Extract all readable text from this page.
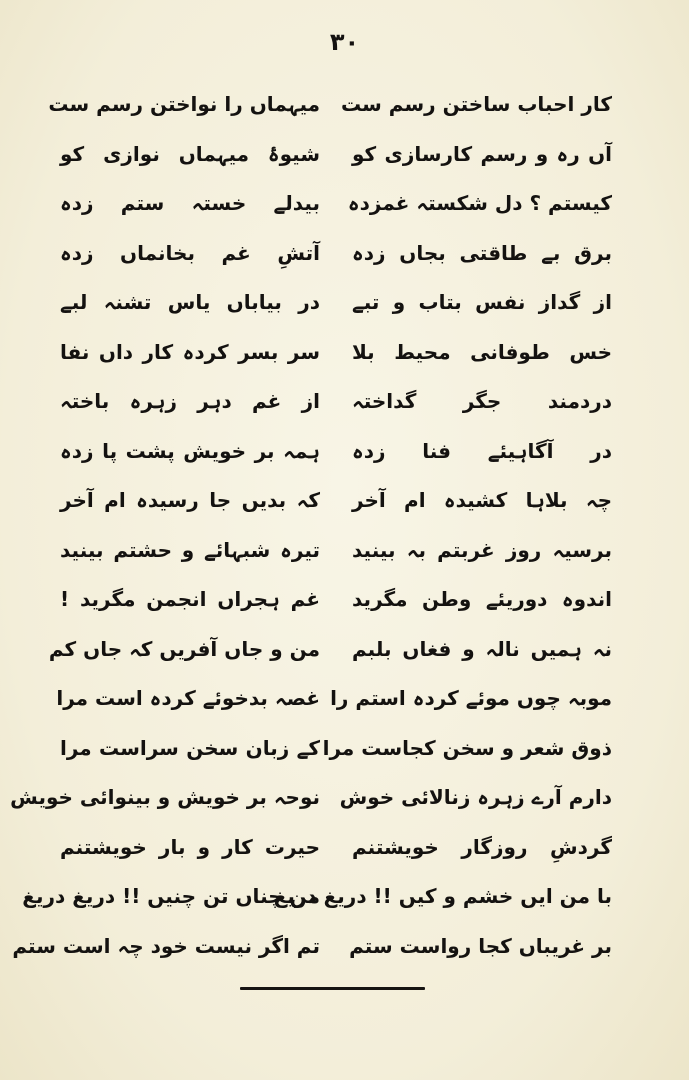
۳۰
کار احباب ساختن رسم ست
آں رہ و رسم کارسازی کو
کیستم ؟ دل شکستہ غمزدہ
برق بے طاقتی بجاں زدہ
از گداز نفس بتاب و تبے
خس طوفانی محیط بلا
دردمند جگر گداختہ
در آگاہیئے فنا زدہ
چہ بلاہا کشیدہ ام آخر
برسیہ روز غربتم بہ بینید
اندوہ دوریئے وطن مگرید
نہ ہمیں نالہ و فغاں بلبم
موبہ چوں موئے کردہ استم را
ذوق شعر و سخن کجاست مرا
دارم آرے زہرہ زنالائی خوش
گردشِ روزگار خویشتنم
با من ایں خشم و کیں !! دریغ دریغ
بر غریباں کجا رواست ستم
میہماں را نواختن رسم ست
شیوۂ میہماں نوازی کو
بیدلے خستہ ستم زدہ
آتشِ غم بخانماں زدہ
در بیاباں یاس تشنہ لبے
سر بسر کردہ کار داں نفا
از غم دہر زہرہ باختہ
ہمہ بر خویش پشت پا زدہ
کہ بدیں جا رسیدہ ام آخر
تیرہ شبہائے و حشتم بینید
غم ہجراں انجمن مگرید !
من و جاں آفریں کہ جاں کم
غصہ بدخوئے کردہ است مرا
کے زبان سخن سراست مرا
نوحہ بر خویش و بینوائی خویش
حیرت کار و بار خویشتنم
من چناں تن چنیں !! دریغ دریغ
تم اگر نیست خود چہ است ستم
